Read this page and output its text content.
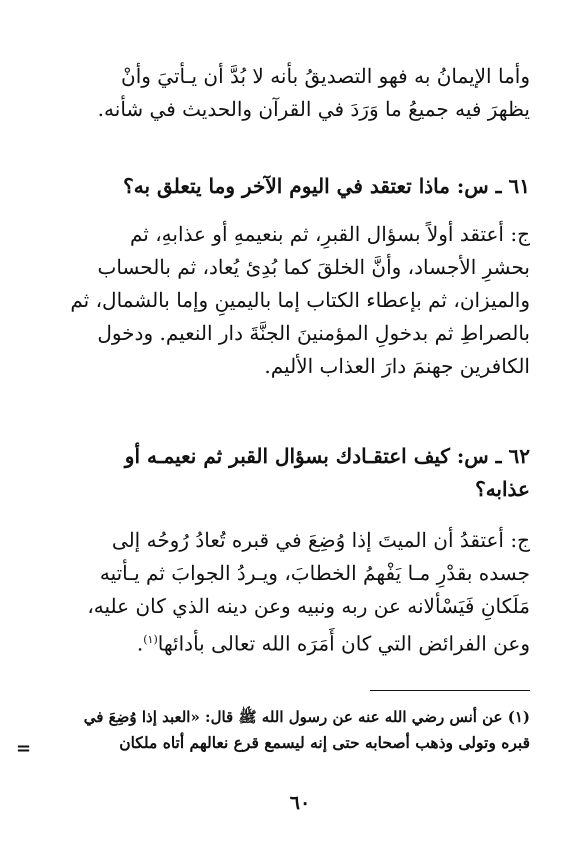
وأما الإيمانُ به فهو التصديقُ بأنه لا بُدَّ أن يـأتيَ وأنْ
يظهرَ فيه جميعُ ما وَرَدَ في القرآن والحديث في شأنه.
٦١ ـ س: ماذا تعتقد في اليوم الآخر وما يتعلق به؟
ج: أعتقد أولاً بسؤال القبرِ، ثم بنعيمهِ أو عذابهِ، ثم
بحشرِ الأجساد، وأنَّ الخلقَ كما بُدِئ يُعاد، ثم بالحساب
والميزان، ثم بإعطاء الكتاب إما باليمينِ وإما بالشمال، ثم
بالصراطِ ثم بدخولِ المؤمنينَ الجنَّةَ دار النعيم. ودخول
الكافرين جهنمَ دارَ العذاب الأليم.
٦٢ ـ س: كيف اعتقـادك بسؤال القبر ثم نعيمـه أو
عذابه؟
ج: أعتقدُ أن الميتَ إذا وُضِعَ في قبره تُعادُ رُوحُه إلى
جسده بقدْرِ مـا يَفْهمُ الخطابَ، ويـردُ الجوابَ ثم يـأتيه
مَلَكانِ فَيَسْألانه عن ربه ونبيه وعن دينه الذي كان عليه،
وعن الفرائض التي كان أَمَرَه الله تعالى بأدائها$^{(١)}$.
(١) عن أنس رضي الله عنه عن رسول الله ﷺ قال: «العبد إذا وُضِعَ في
قبره وتولى وذهب أصحابه حتى إنه ليسمع قرع نعالهم أتاه ملكان
=
٦٠
